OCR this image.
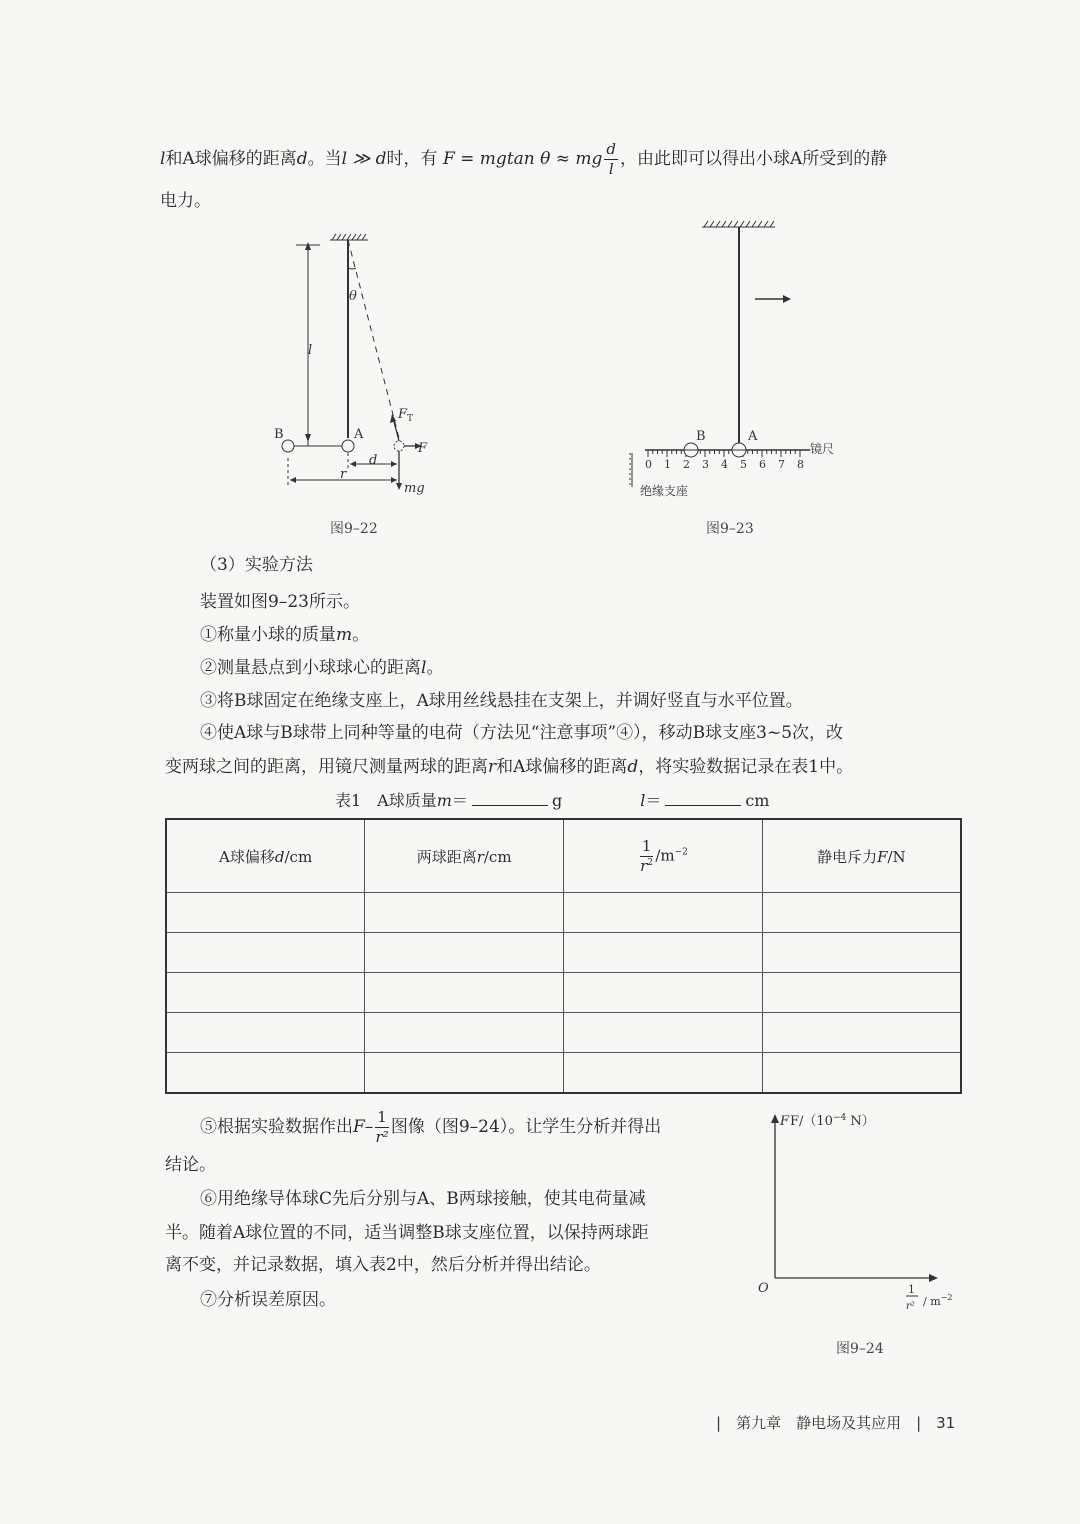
l和A球偏移的距离d。当l ≫ d时，有 F = mgtan θ ≈ mg $\frac{d}{l}$ ，由此即可以得出小球A所受到的静
电力。
l
θ
B	A
d
r
F T
F
mg
图9–22
0 1 2 3 4 5 6 7 8
B	A
镜尺
绝缘支座
图9–23
（3）实验方法
装置如图9–23所示。
①称量小球的质量m。
②测量悬点到小球球心的距离l。
③将B球固定在绝缘支座上，A球用丝线悬挂在支架上，并调好竖直与水平位置。
④使A球与B球带上同种等量的电荷（方法见“注意事项”④），移动B球支座3~5次，改
变两球之间的距离，用镜尺测量两球的距离r和A球偏移的距离d，将实验数据记录在表1中。
表1　A球质量m＝	g	l＝	cm
A球偏移d/cm	两球距离r/cm	$\frac{1}{r^2} /m^{-2}$	静电斥力F/N

⑤根据实验数据作出$F- \frac{1}{\text{r²}}$ 图像（图9–24）。让学生分析并得出
结论。
⑥用绝缘导体球C先后分别与A、B两球接触，使其电荷量减
半。随着A球位置的不同，适当调整B球支座位置，以保持两球距
离不变，并记录数据，填入表2中，然后分析并得出结论。
⑦分析误差原因。
F $F/(10^{-4}$ N）
O	1
$r^2 / m^{-2}$
图9–24
|　第九章　静电场及其应用　|　31
